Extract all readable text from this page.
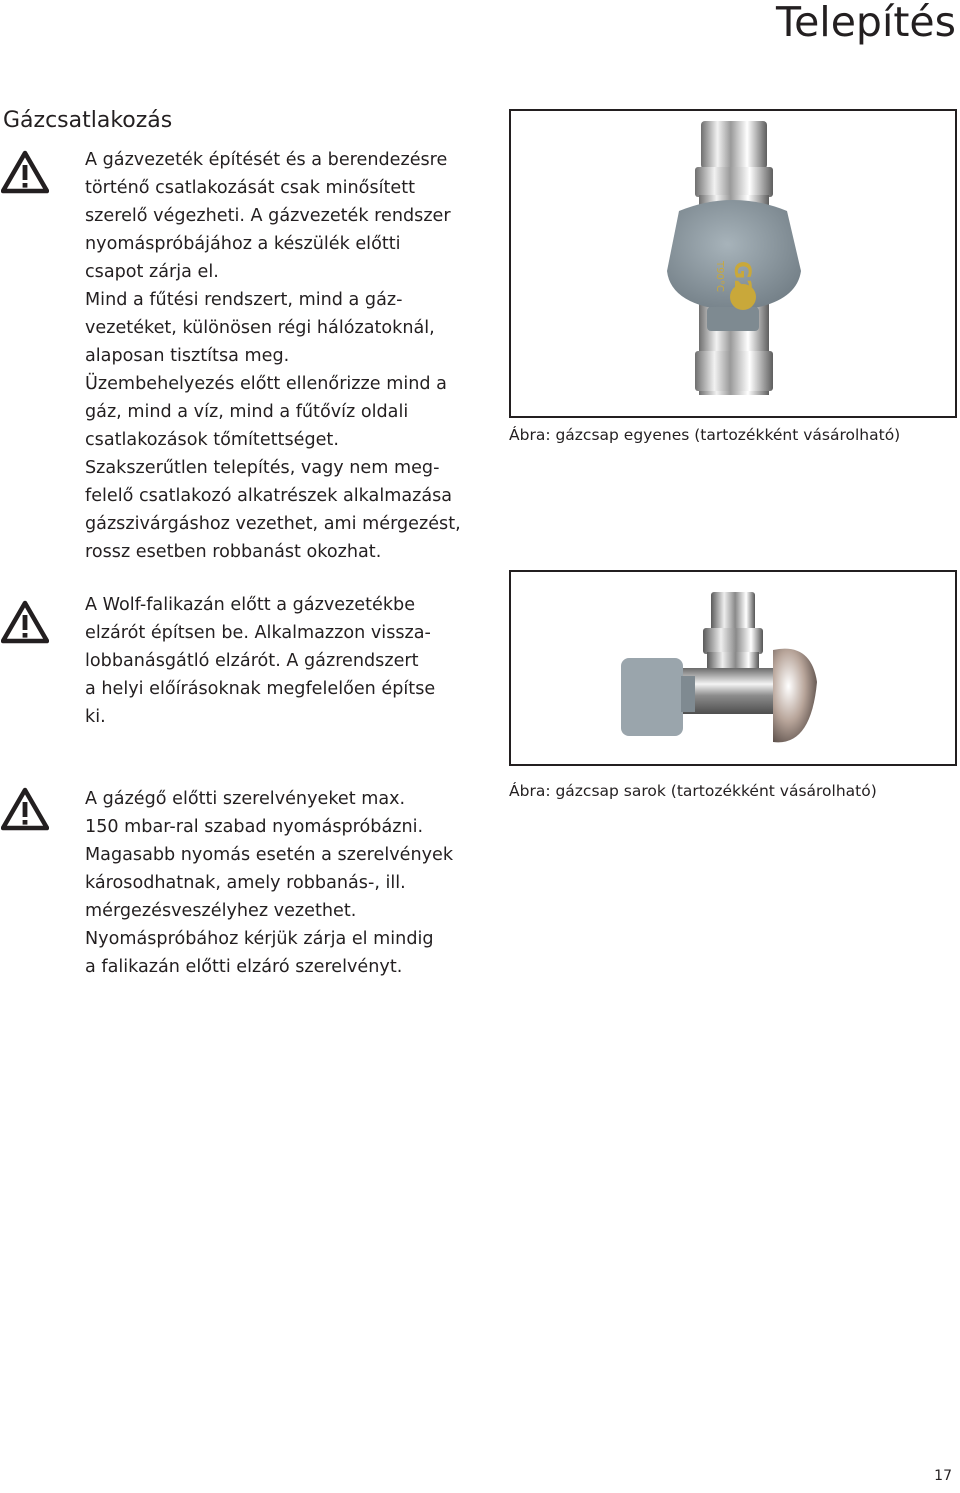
Telepítés
Gázcsatlakozás
A gázvezeték építését és a berendezésre
történő csatlakozását csak minősített
szerelő végezheti. A gázvezeték rendszer
nyomáspróbájához a készülék előtti
csapot zárja el.
Mind a fűtési rendszert, mind a gáz-
vezetéket, különösen régi hálózatoknál,
alaposan tisztítsa meg.
Üzembehelyezés előtt ellenőrizze mind a
gáz, mind a víz, mind a fűtővíz oldali
csatlakozások tőmítettséget.
Szakszerűtlen telepítés, vagy nem meg-
felelő csatlakozó alkatrészek alkalmazása
gázszivárgáshoz vezethet, ami mérgezést,
rossz esetben robbanást okozhat.
A Wolf-falikazán előtt a gázvezetékbe
elzárót építsen be. Alkalmazzon vissza-
lobbanásgátló elzárót. A gázrendszert
a helyi előírásoknak megfelelően építse
ki.
A gázégő előtti szerelvényeket max.
150 mbar-ral szabad nyomáspróbázni.
Magasabb nyomás esetén a szerelvények
károsodhatnak, amely robbanás-, ill.
mérgezésveszélyhez vezethet.
Nyomáspróbához kérjük zárja el mindig
a falikazán előtti elzáró szerelvényt.
G2
T90°C
Ábra: gázcsap egyenes (tartozékként vásárolható)
Ábra: gázcsap sarok (tartozékként vásárolható)
17
